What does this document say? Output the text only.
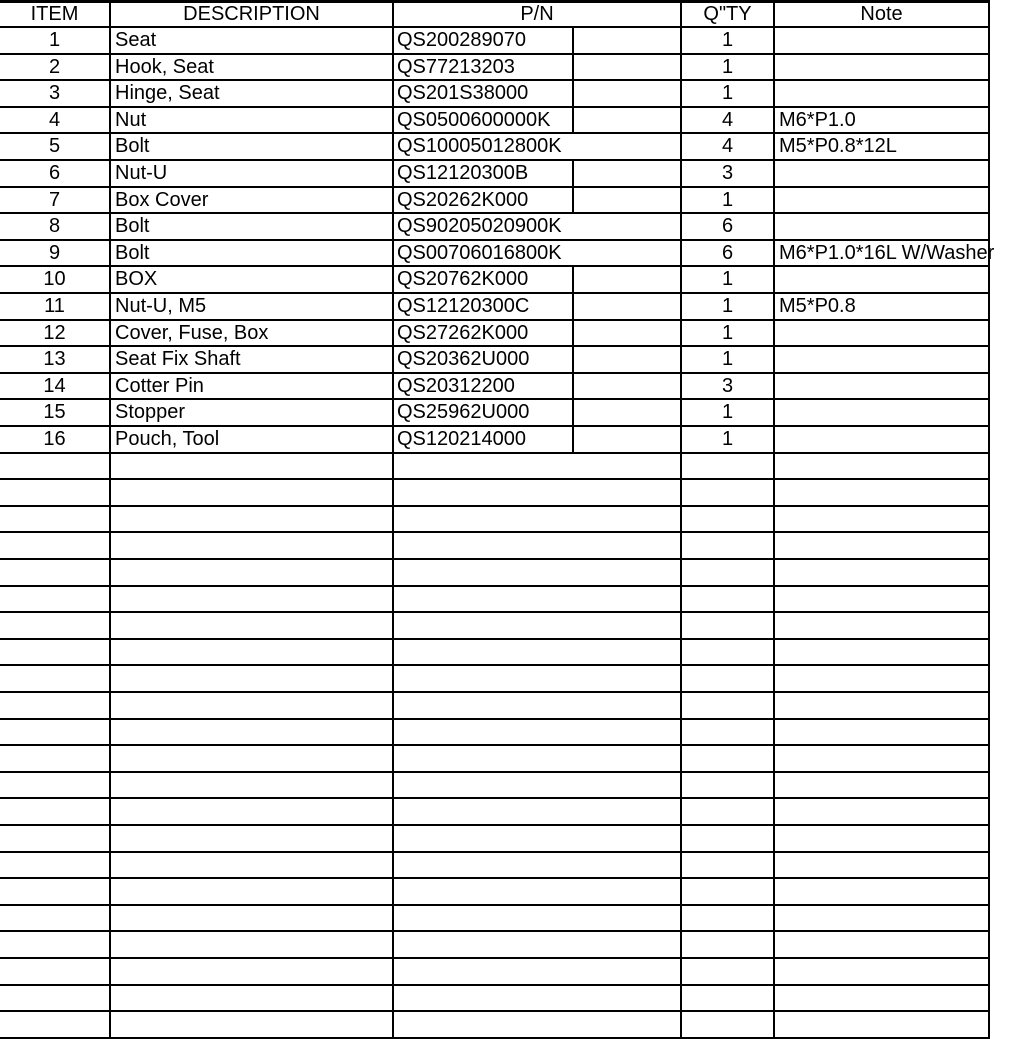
ITEM	DESCRIPTION	P/N	Q"TY	Note
1	Seat	QS200289070	1
2	Hook, Seat	QS77213203	1
3	Hinge, Seat	QS201S38000	1
4	Nut	QS0500600000K	4	M6*P1.0
5	Bolt	QS10005012800K	4	M5*P0.8*12L
6	Nut-U	QS12120300B	3
7	Box Cover	QS20262K000	1
8	Bolt	QS90205020900K	6
9	Bolt	QS00706016800K	6	M6*P1.0*16L W/Washer
10	BOX	QS20762K000	1
11	Nut-U, M5	QS12120300C	1	M5*P0.8
12	Cover, Fuse, Box	QS27262K000	1
13	Seat Fix Shaft	QS20362U000	1
14	Cotter Pin	QS20312200	3
15	Stopper	QS25962U000	1
16	Pouch, Tool	QS120214000	1
